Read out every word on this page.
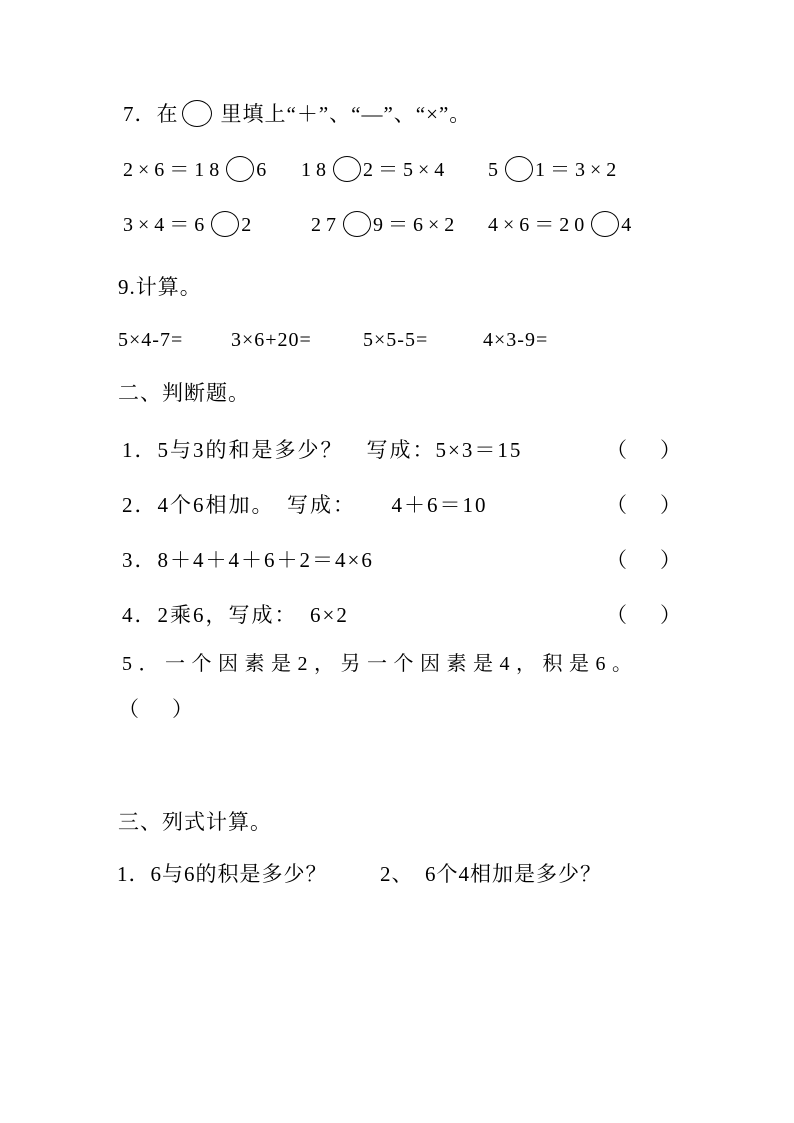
7．在 里填上“＋”、“—”、“×”。
2×6＝18 6 18 2＝5×4 5 1＝3×2
3×4＝6 2	27 9＝6×2 4×6＝20 4
9.计算。
5×4-7= 3×6+20=	5×5-5=	4×3-9=
二、判断题。
1．5与3的和是多少？　写成：5×3＝15	（　）
2．4个6相加。　写成：　　4＋6＝10	（　）
3．8＋4＋4＋6＋2＝4×6	（　）
4．2乘6，写成：　6×2	（　）
5．一个因素是2，另一个因素是4，积是6。
（　）
三、列式计算。
1．6与6的积是多少？	2、　6个4相加是多少？
